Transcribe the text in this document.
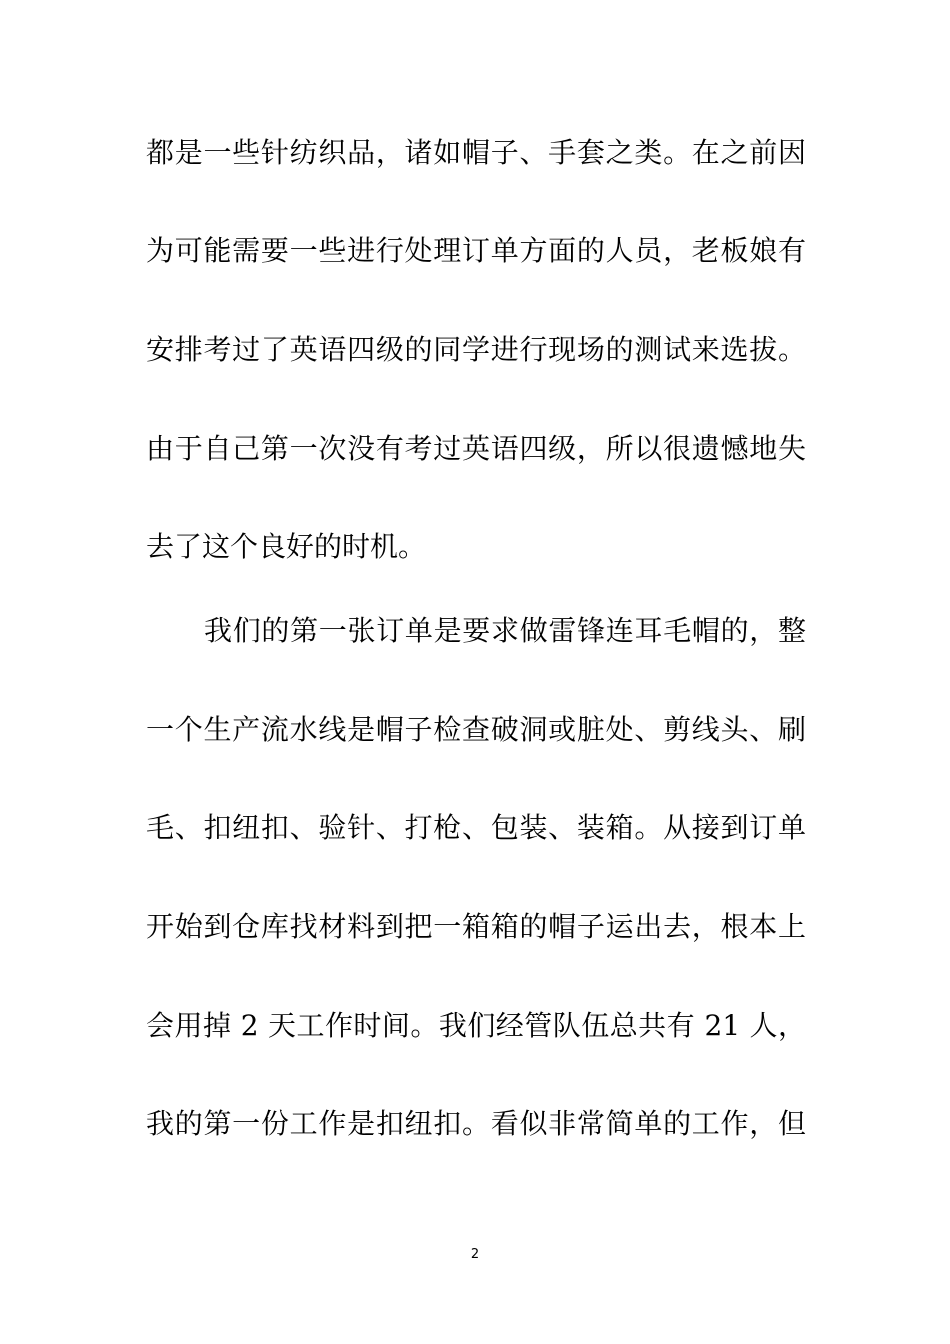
都是一些针纺织品，诸如帽子、手套之类。在之前因
为可能需要一些进行处理订单方面的人员，老板娘有
安排考过了英语四级的同学进行现场的测试来选拔。
由于自己第一次没有考过英语四级，所以很遗憾地失
去了这个良好的时机。
我们的第一张订单是要求做雷锋连耳毛帽的，整
一个生产流水线是帽子检查破洞或脏处、剪线头、刷
毛、扣纽扣、验针、打枪、包装、装箱。从接到订单
开始到仓库找材料到把一箱箱的帽子运出去，根本上
会用掉 2 天工作时间。我们经管队伍总共有 21 人，
我的第一份工作是扣纽扣。看似非常简单的工作，但
2
